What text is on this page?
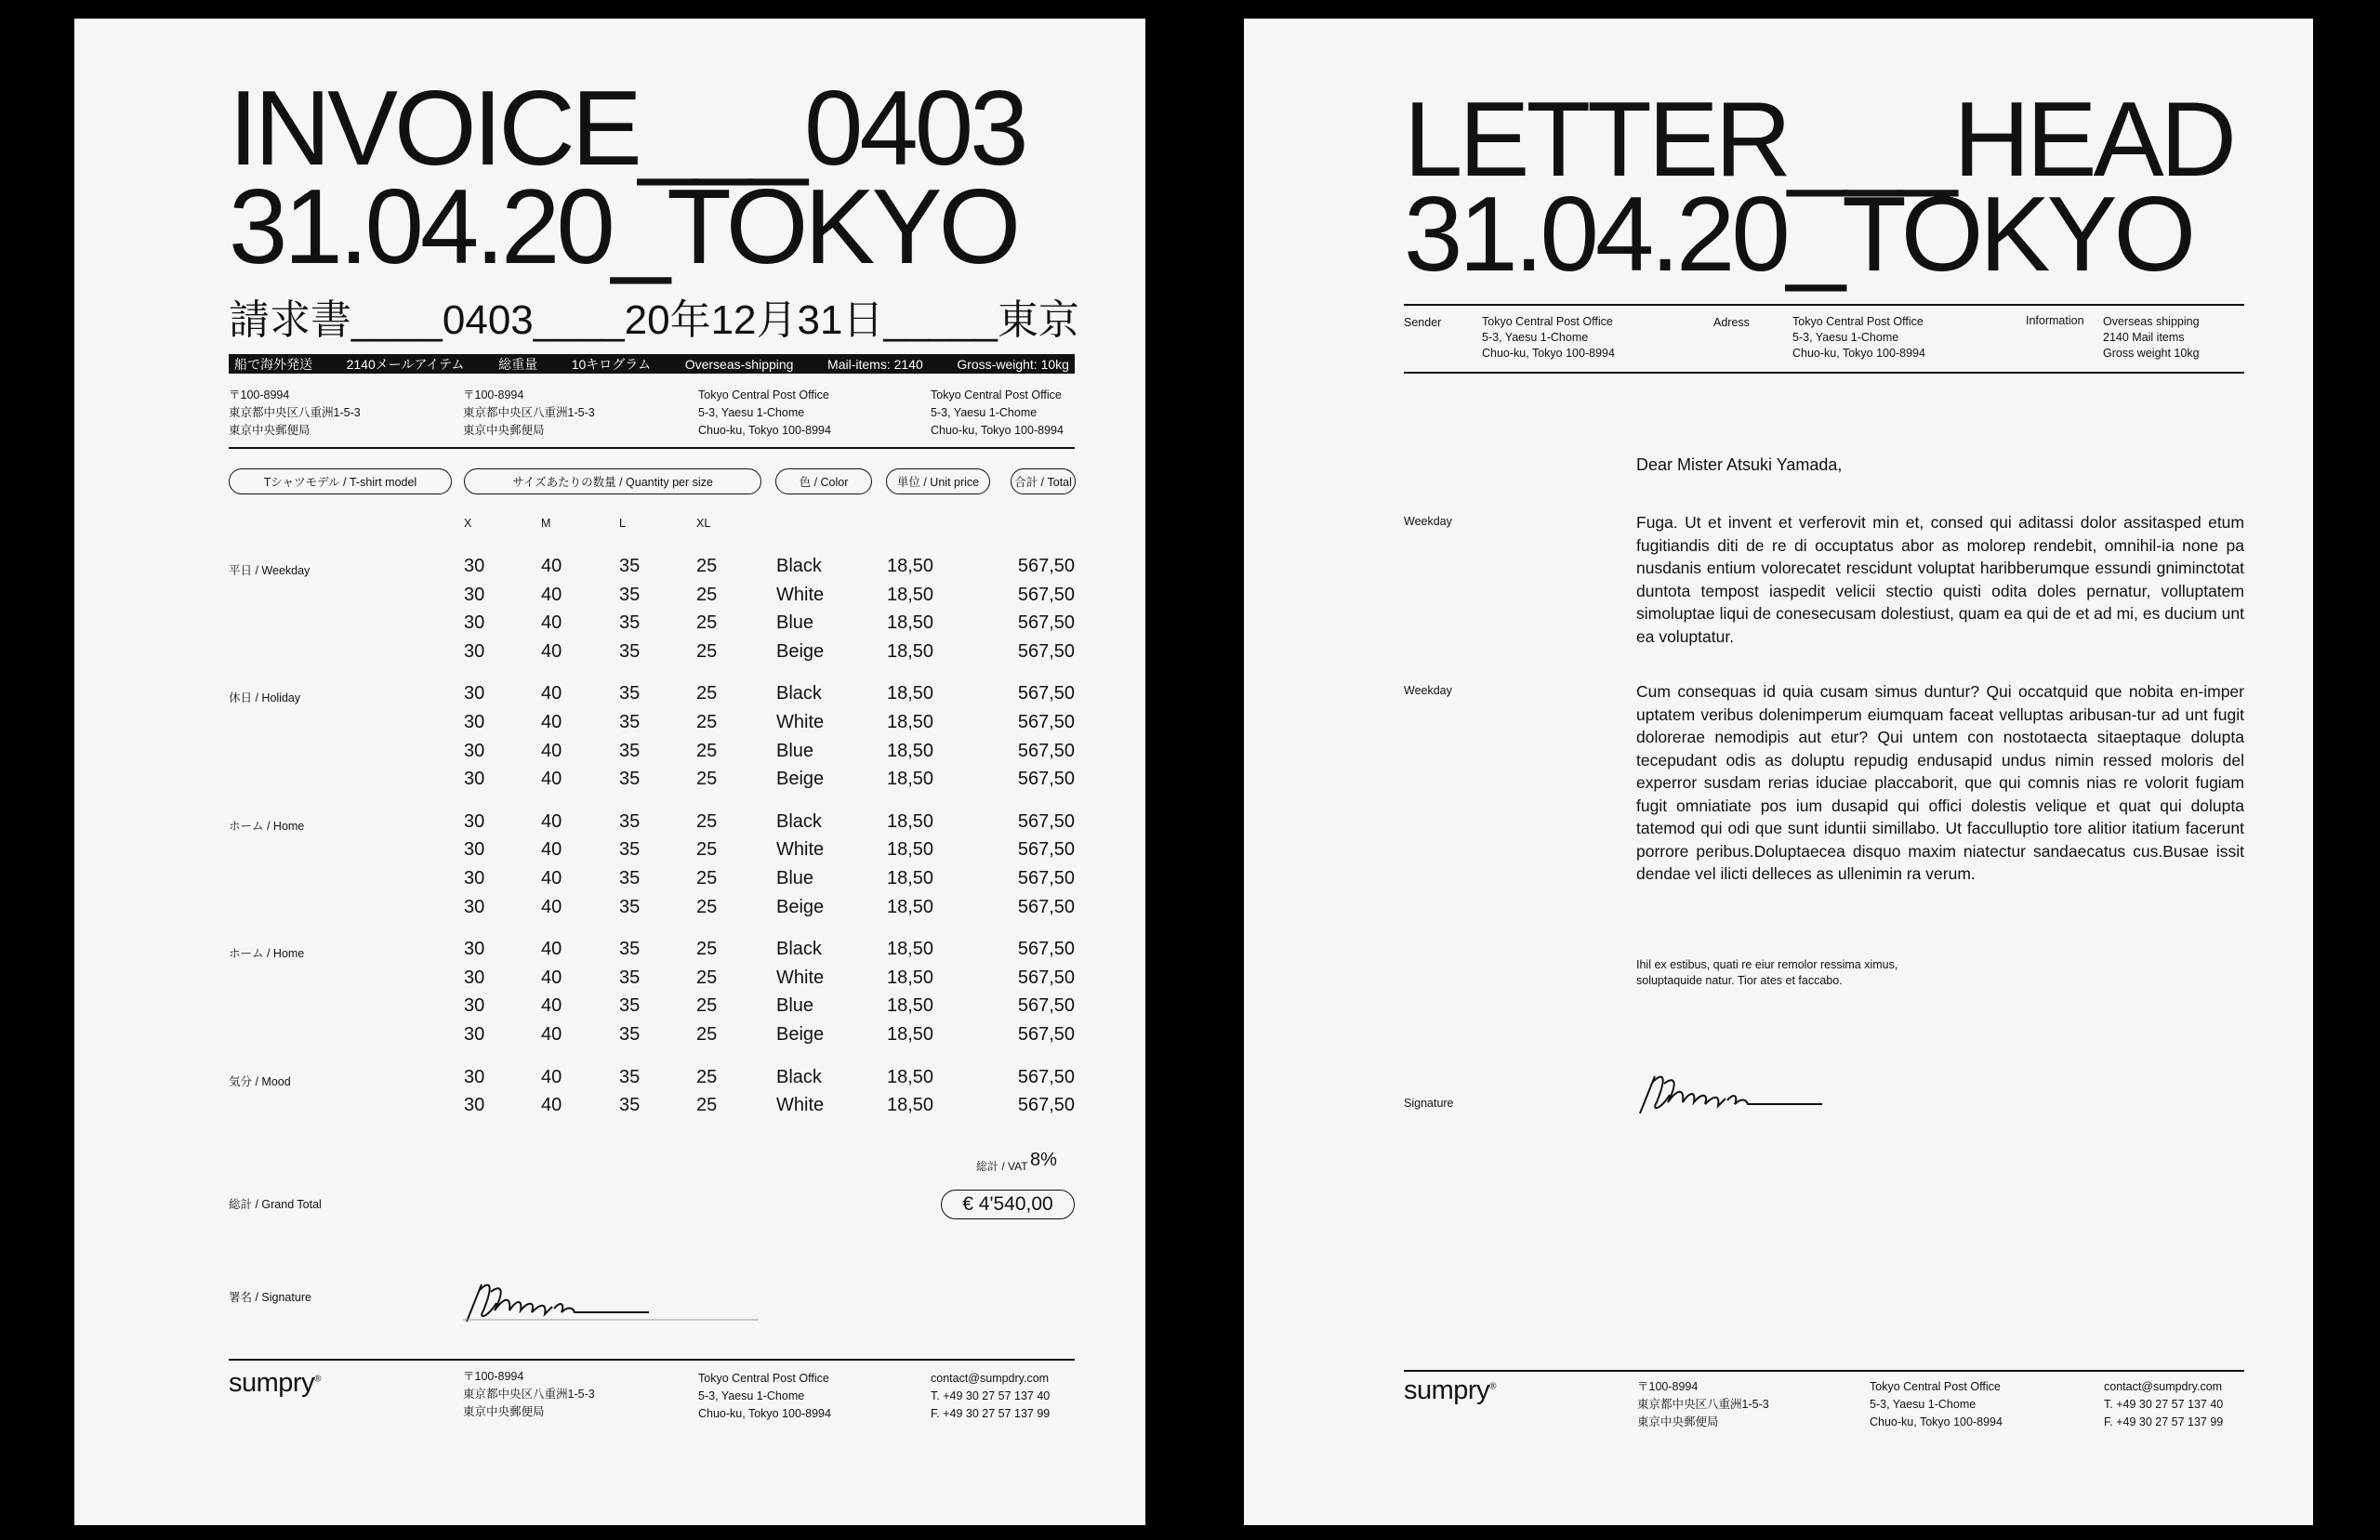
INVOICE___0403
31.04.20_TOKYO
請求書____0403____20年12月31日_____東京
船で海外発送	2140メールアイテム	総重量	10キログラム	Overseas-shipping	Mail-items: 2140	Gross-weight: 10kg
〒100-8994
東京都中央区八重洲1-5-3
東京中央郵便局
〒100-8994
東京都中央区八重洲1-5-3
東京中央郵便局
Tokyo Central Post Office
5-3, Yaesu 1-Chome
Chuo-ku, Tokyo 100-8994
Tokyo Central Post Office
5-3, Yaesu 1-Chome
Chuo-ku, Tokyo 100-8994
Tシャツモデル / T-shirt model	サイズあたりの数量 / Quantity per size	色 / Color	単位 / Unit price	合計 / Total
X	M	L	XL
平日 / Weekday	30	40	35	25	Black	18,50	567,50
30	40	35	25	White	18,50	567,50
30	40	35	25	Blue	18,50	567,50
30	40	35	25	Beige	18,50	567,50
休日 / Holiday	30	40	35	25	Black	18,50	567,50
30	40	35	25	White	18,50	567,50
30	40	35	25	Blue	18,50	567,50
30	40	35	25	Beige	18,50	567,50
ホーム / Home	30	40	35	25	Black	18,50	567,50
30	40	35	25	White	18,50	567,50
30	40	35	25	Blue	18,50	567,50
30	40	35	25	Beige	18,50	567,50
ホーム / Home	30	40	35	25	Black	18,50	567,50
30	40	35	25	White	18,50	567,50
30	40	35	25	Blue	18,50	567,50
30	40	35	25	Beige	18,50	567,50
気分 / Mood	30	40	35	25	Black	18,50	567,50
30	40	35	25	White	18,50	567,50
総計 / VAT 8%
総計 / Grand Total	€ 4'540,00
署名 / Signature
sumpry®	〒100-8994
東京都中央区八重洲1-5-3
東京中央郵便局
Tokyo Central Post Office
5-3, Yaesu 1-Chome
Chuo-ku, Tokyo 100-8994
contact@sumpdry.com
T. +49 30 27 57 137 40
F. +49 30 27 57 137 99
LETTER___HEAD
31.04.20_TOKYO
Sender	Tokyo Central Post Office
5-3, Yaesu 1-Chome
Chuo-ku, Tokyo 100-8994
Adress	Tokyo Central Post Office
5-3, Yaesu 1-Chome
Chuo-ku, Tokyo 100-8994
Information Overseas shipping
2140 Mail items
Gross weight 10kg
Dear Mister Atsuki Yamada,
Weekday	Fuga. Ut et invent et verferovit min et, consed qui aditassi dolor assitasped etum fugitiandis diti de re di occuptatus abor as molorep rendebit, omnihil-ia none pa nusdanis entium volorecatet rescidunt voluptat haribberumque essundi gniminctotat duntota tempost iaspedit velicii stectio quisti odita doles pernatur, volluptatem simoluptae liqui de conesecusam dolestiust, quam ea qui de et ad mi, es ducium unt ea voluptatur.
Weekday	Cum consequas id quia cusam simus duntur? Qui occatquid que nobita en-imper uptatem veribus dolenimperum eiumquam faceat velluptas aribusan-tur ad unt fugit dolorerae nemodipis aut etur? Qui untem con nostotaecta sitaeptaque dolupta tecepudant odis as doluptu repudig endusapid undus nimin ressed moloris del experror susdam rerias iduciae placcaborit, que qui comnis nias re volorit fugiam fugit omniatiate pos ium dusapid qui offici dolestis velique et quat qui dolupta tatemod qui odi que sunt iduntii simillabo. Ut facculluptio tore alitior itatium facerunt porrore peribus.Doluptaecea disquo maxim niatectur sandaecatus cus.Busae issit dendae vel ilicti delleces as ullenimin ra verum.
Ihil ex estibus, quati re eiur remolor ressima ximus,
soluptaquide natur. Tior ates et faccabo.
Signature
sumpry®	〒100-8994
東京都中央区八重洲1-5-3
東京中央郵便局
Tokyo Central Post Office
5-3, Yaesu 1-Chome
Chuo-ku, Tokyo 100-8994
contact@sumpdry.com
T. +49 30 27 57 137 40
F. +49 30 27 57 137 99
